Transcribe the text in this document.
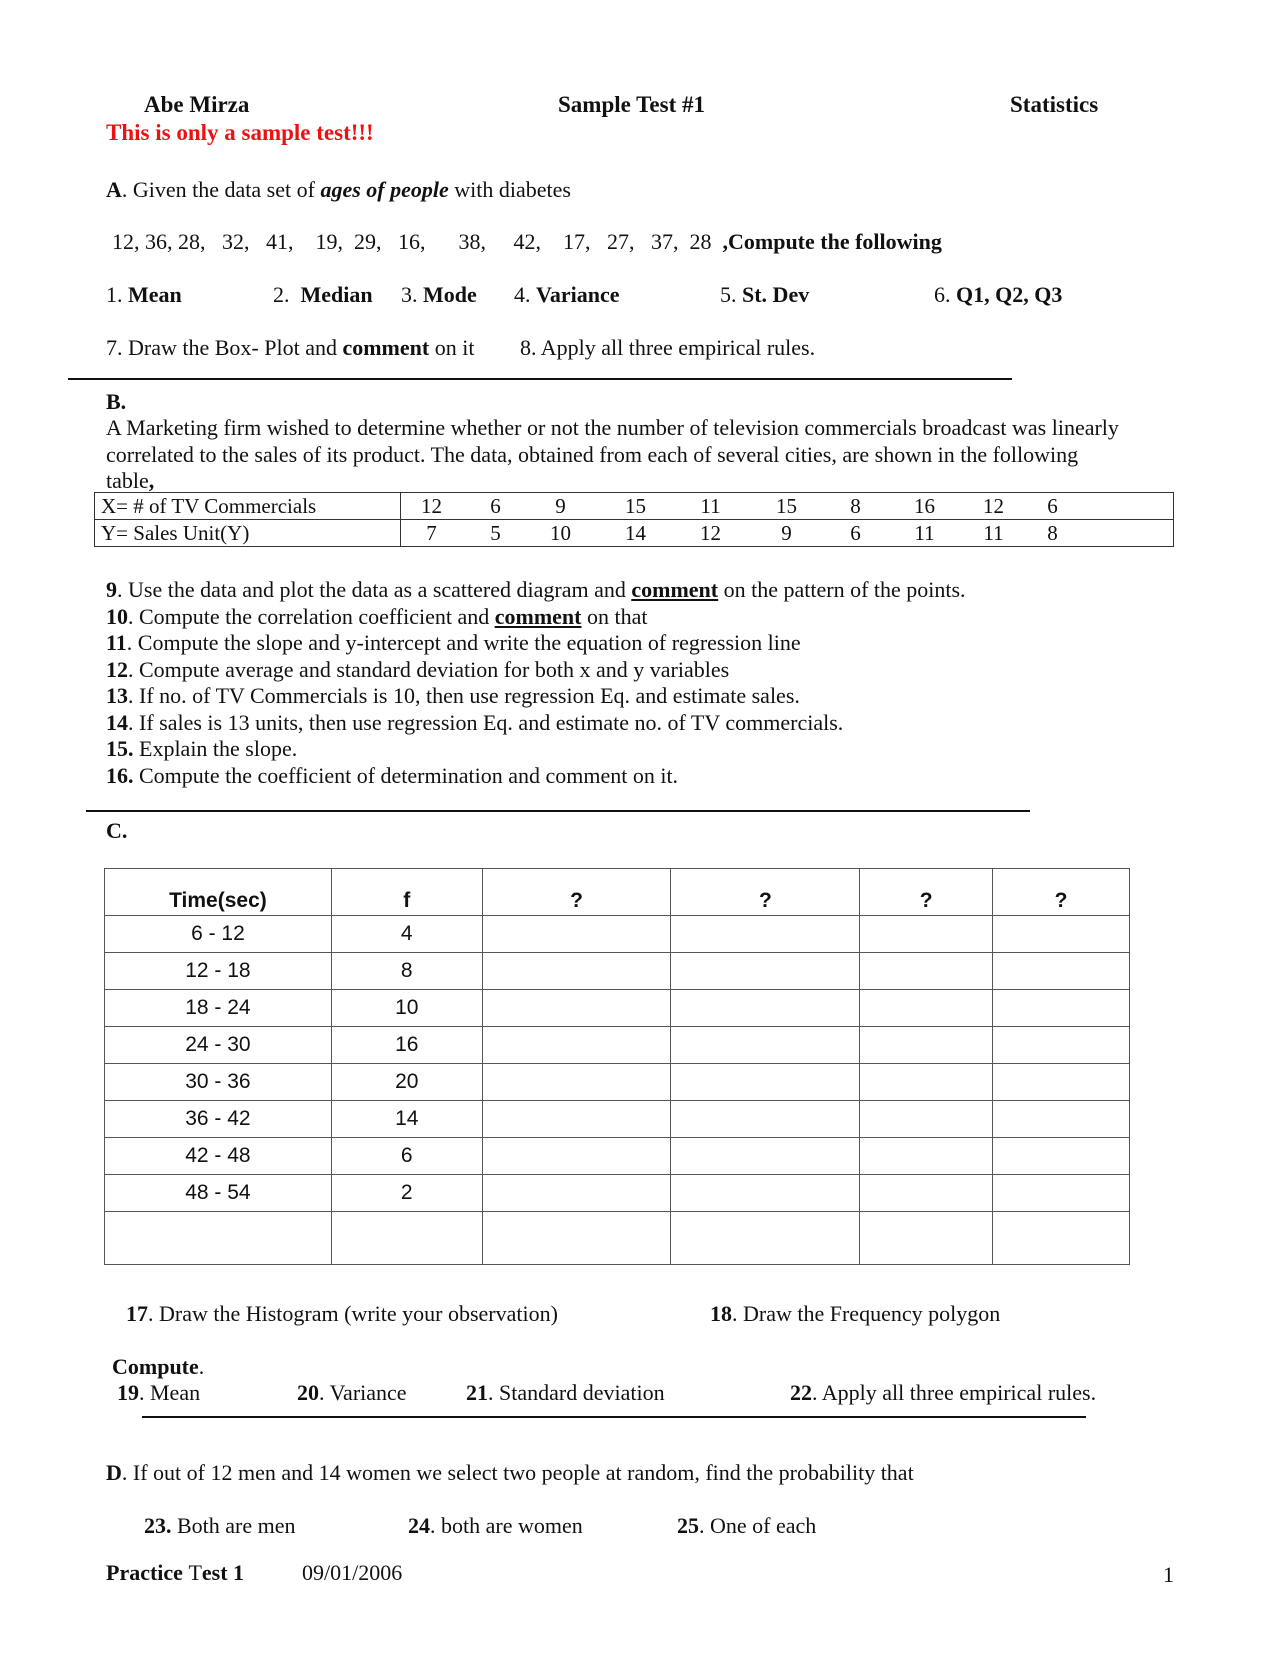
Abe Mirza	Sample Test #1	Statistics
This is only a sample test!!!
A. Given the data set of ages of people with diabetes
12, 36, 28, 32, 41, 19, 29, 16, 38, 42, 17, 27, 37, 28 ,Compute the following
1. Mean	2. Median 3. Mode 4. Variance	5. St. Dev	6. Q1, Q2, Q3
7. Draw the Box- Plot and comment on it 8. Apply all three empirical rules.
B.
A Marketing firm wished to determine whether or not the number of television commercials broadcast was linearly
correlated to the sales of its product. The data, obtained from each of several cities, are shown in the following
table,
X= # of TV Commercials	12 6 9 15 11 15 8 16 12 6
Y= Sales Unit(Y)	7 5 10 14 12 9 6 11 11 8
9. Use the data and plot the data as a scattered diagram and comment on the pattern of the points.
10. Compute the correlation coefficient and comment on that
11. Compute the slope and y-intercept and write the equation of regression line
12. Compute average and standard deviation for both x and y variables
13. If no. of TV Commercials is 10, then use regression Eq. and estimate sales.
14. If sales is 13 units, then use regression Eq. and estimate no. of TV commercials.
15. Explain the slope.
16. Compute the coefficient of determination and comment on it.
C.
Time(sec)	f	?	?	?	?
6 - 12	4				
12 - 18	8				
18 - 24	10				
24 - 30	16				
30 - 36	20				
36 - 42	14				
42 - 48	6				
48 - 54	2				

17. Draw the Histogram (write your observation)	18. Draw the Frequency polygon
Compute.
19. Mean	20. Variance	21. Standard deviation	22. Apply all three empirical rules.
D. If out of 12 men and 14 women we select two people at random, find the probability that
23. Both are men	24. both are women	25. One of each
Practice Test 1	09/01/2006	1
